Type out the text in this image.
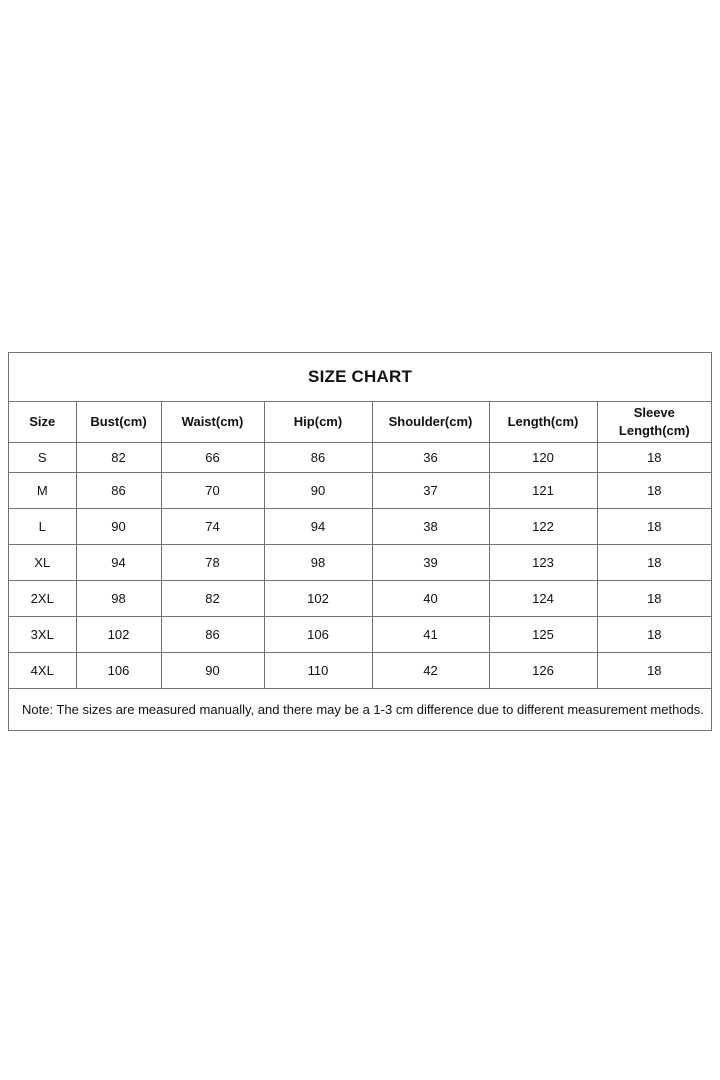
SIZE CHART						
Size	Bust(cm)	Waist(cm)	Hip(cm)	Shoulder(cm)	Length(cm)	Sleeve
Length(cm)

S	82	66	86	36	120	18
M	86	70	90	37	121	18
L	90	74	94	38	122	18
XL	94	78	98	39	123	18
2XL	98	82	102	40	124	18
3XL	102	86	106	41	125	18
4XL	106	90	110	42	126	18
Note: The sizes are measured manually, and there may be a 1-3 cm difference due to different measurement methods.						
